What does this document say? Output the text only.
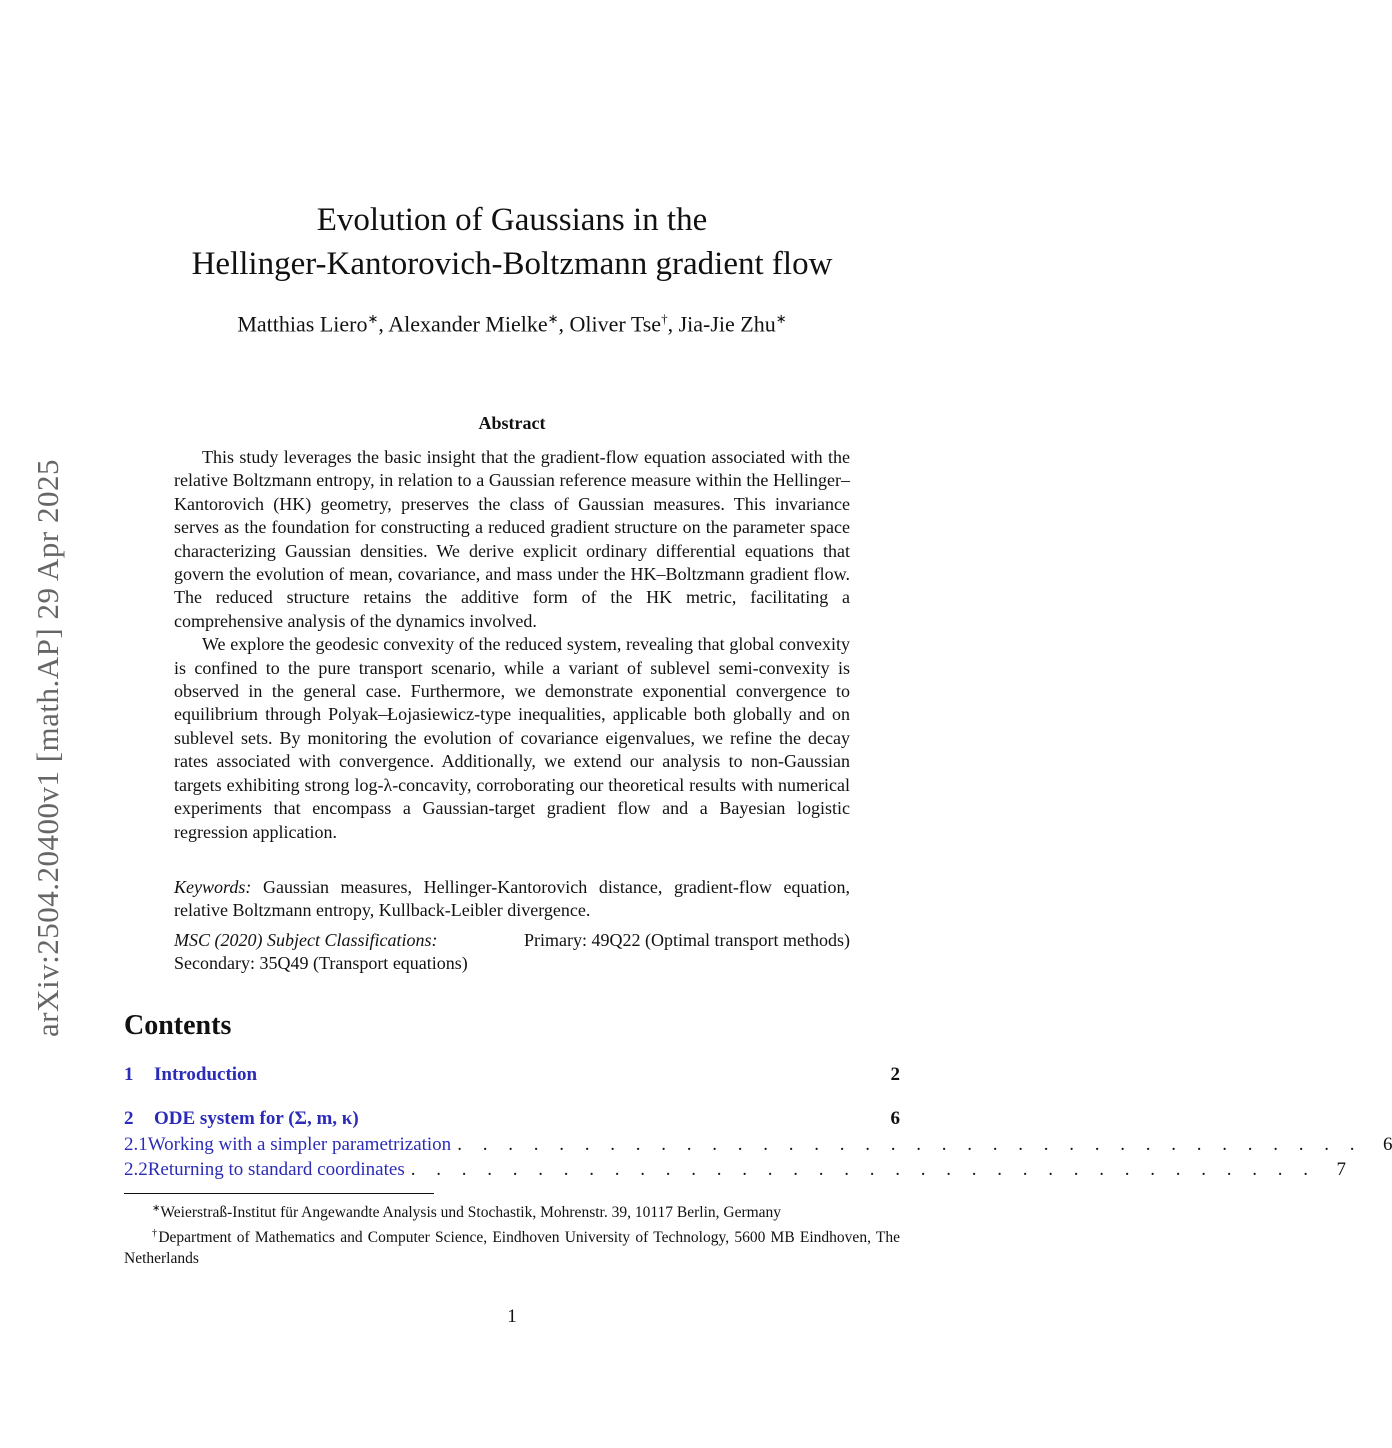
arXiv:2504.20400v1 [math.AP] 29 Apr 2025
Evolution of Gaussians in the
Hellinger-Kantorovich-Boltzmann gradient flow
Matthias Liero∗, Alexander Mielke∗, Oliver Tse†, Jia-Jie Zhu∗
Abstract

This study leverages the basic insight that the gradient-flow equation associated with the relative Boltzmann entropy, in relation to a Gaussian reference measure within the Hellinger–Kantorovich (HK) geometry, preserves the class of Gaussian measures. This invariance serves as the foundation for constructing a reduced gradient structure on the parameter space characterizing Gaussian densities. We derive explicit ordinary differential equations that govern the evolution of mean, covariance, and mass under the HK–Boltzmann gradient flow. The reduced structure retains the additive form of the HK metric, facilitating a comprehensive analysis of the dynamics involved.

We explore the geodesic convexity of the reduced system, revealing that global convexity is confined to the pure transport scenario, while a variant of sublevel semi-convexity is observed in the general case. Furthermore, we demonstrate exponential convergence to equilibrium through Polyak–Łojasiewicz-type inequalities, applicable both globally and on sublevel sets. By monitoring the evolution of covariance eigenvalues, we refine the decay rates associated with convergence. Additionally, we extend our analysis to non-Gaussian targets exhibiting strong log-λ-concavity, corroborating our theoretical results with numerical experiments that encompass a Gaussian-target gradient flow and a Bayesian logistic regression application.

Keywords: Gaussian measures, Hellinger-Kantorovich distance, gradient-flow equation, relative Boltzmann entropy, Kullback-Leibler divergence.
MSC (2020) Subject Classifications:	Primary: 49Q22 (Optimal transport methods)
Secondary: 35Q49 (Transport equations)
Contents
1	Introduction	2
2	ODE system for (Σ, m, κ)	6
2.1 Working with a simpler parametrization . . . . . . . . . . . . . . . . . . . . . . . . . . . . . . . . . . . .	6
2.2 Returning to standard coordinates . . . . . . . . . . . . . . . . . . . . . . . . . . . . . . . . . . . .	7

∗Weierstraß-Institut für Angewandte Analysis und Stochastik, Mohrenstr. 39, 10117 Berlin, Germany

†Department of Mathematics and Computer Science, Eindhoven University of Technology, 5600 MB Eindhoven, The Netherlands

1
